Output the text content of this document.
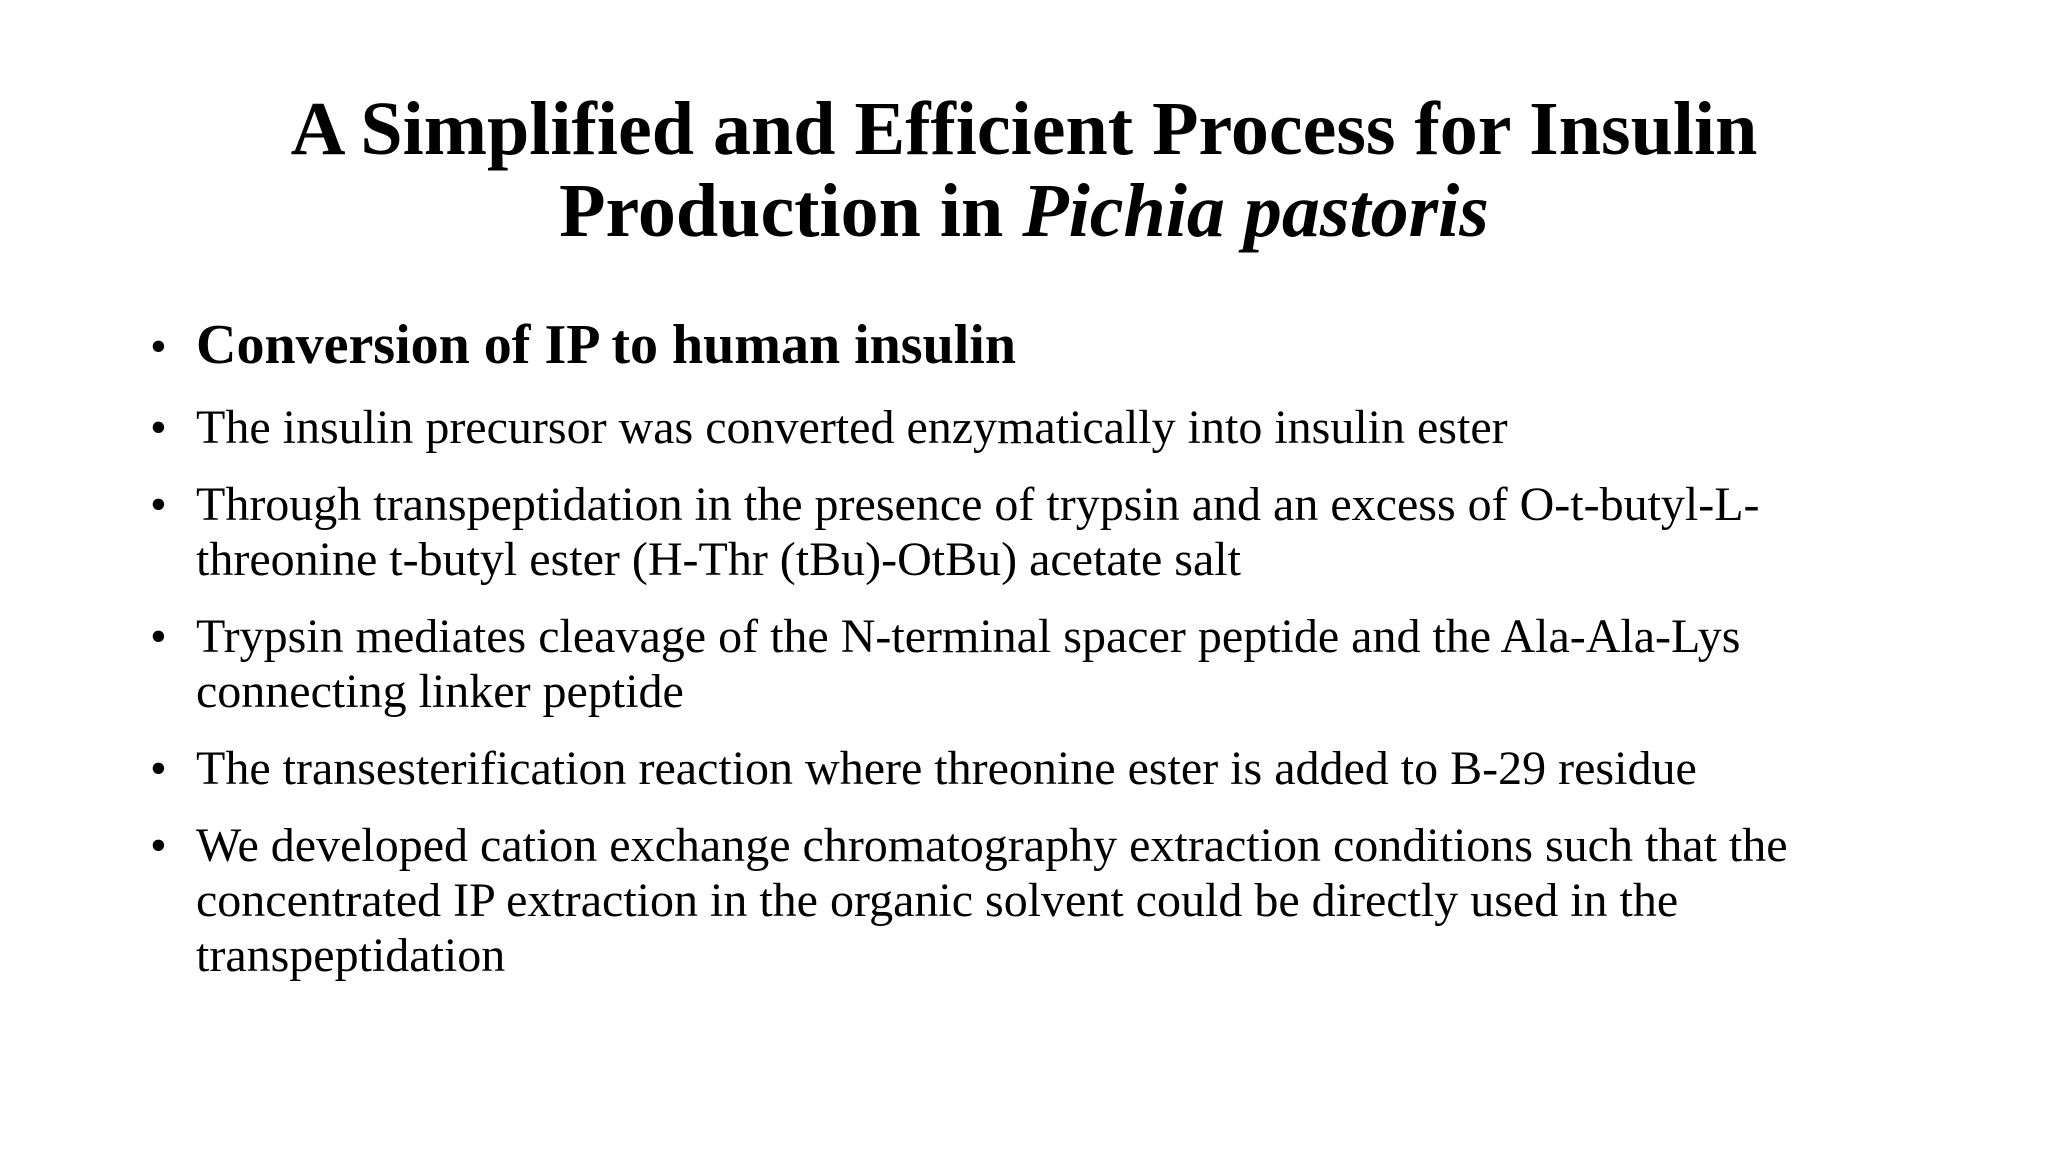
A Simplified and Efficient Process for Insulin
Production in Pichia pastoris
• Conversion of IP to human insulin
• The insulin precursor was converted enzymatically into insulin ester
• Through transpeptidation in the presence of trypsin and an excess of O-t-butyl-L-threonine t-butyl ester (H-Thr (tBu)-OtBu) acetate salt
• Trypsin mediates cleavage of the N-terminal spacer peptide and the Ala-Ala-Lys connecting linker peptide
• The transesterification reaction where threonine ester is added to B-29 residue
• We developed cation exchange chromatography extraction conditions such that the concentrated IP extraction in the organic solvent could be directly used in the transpeptidation
